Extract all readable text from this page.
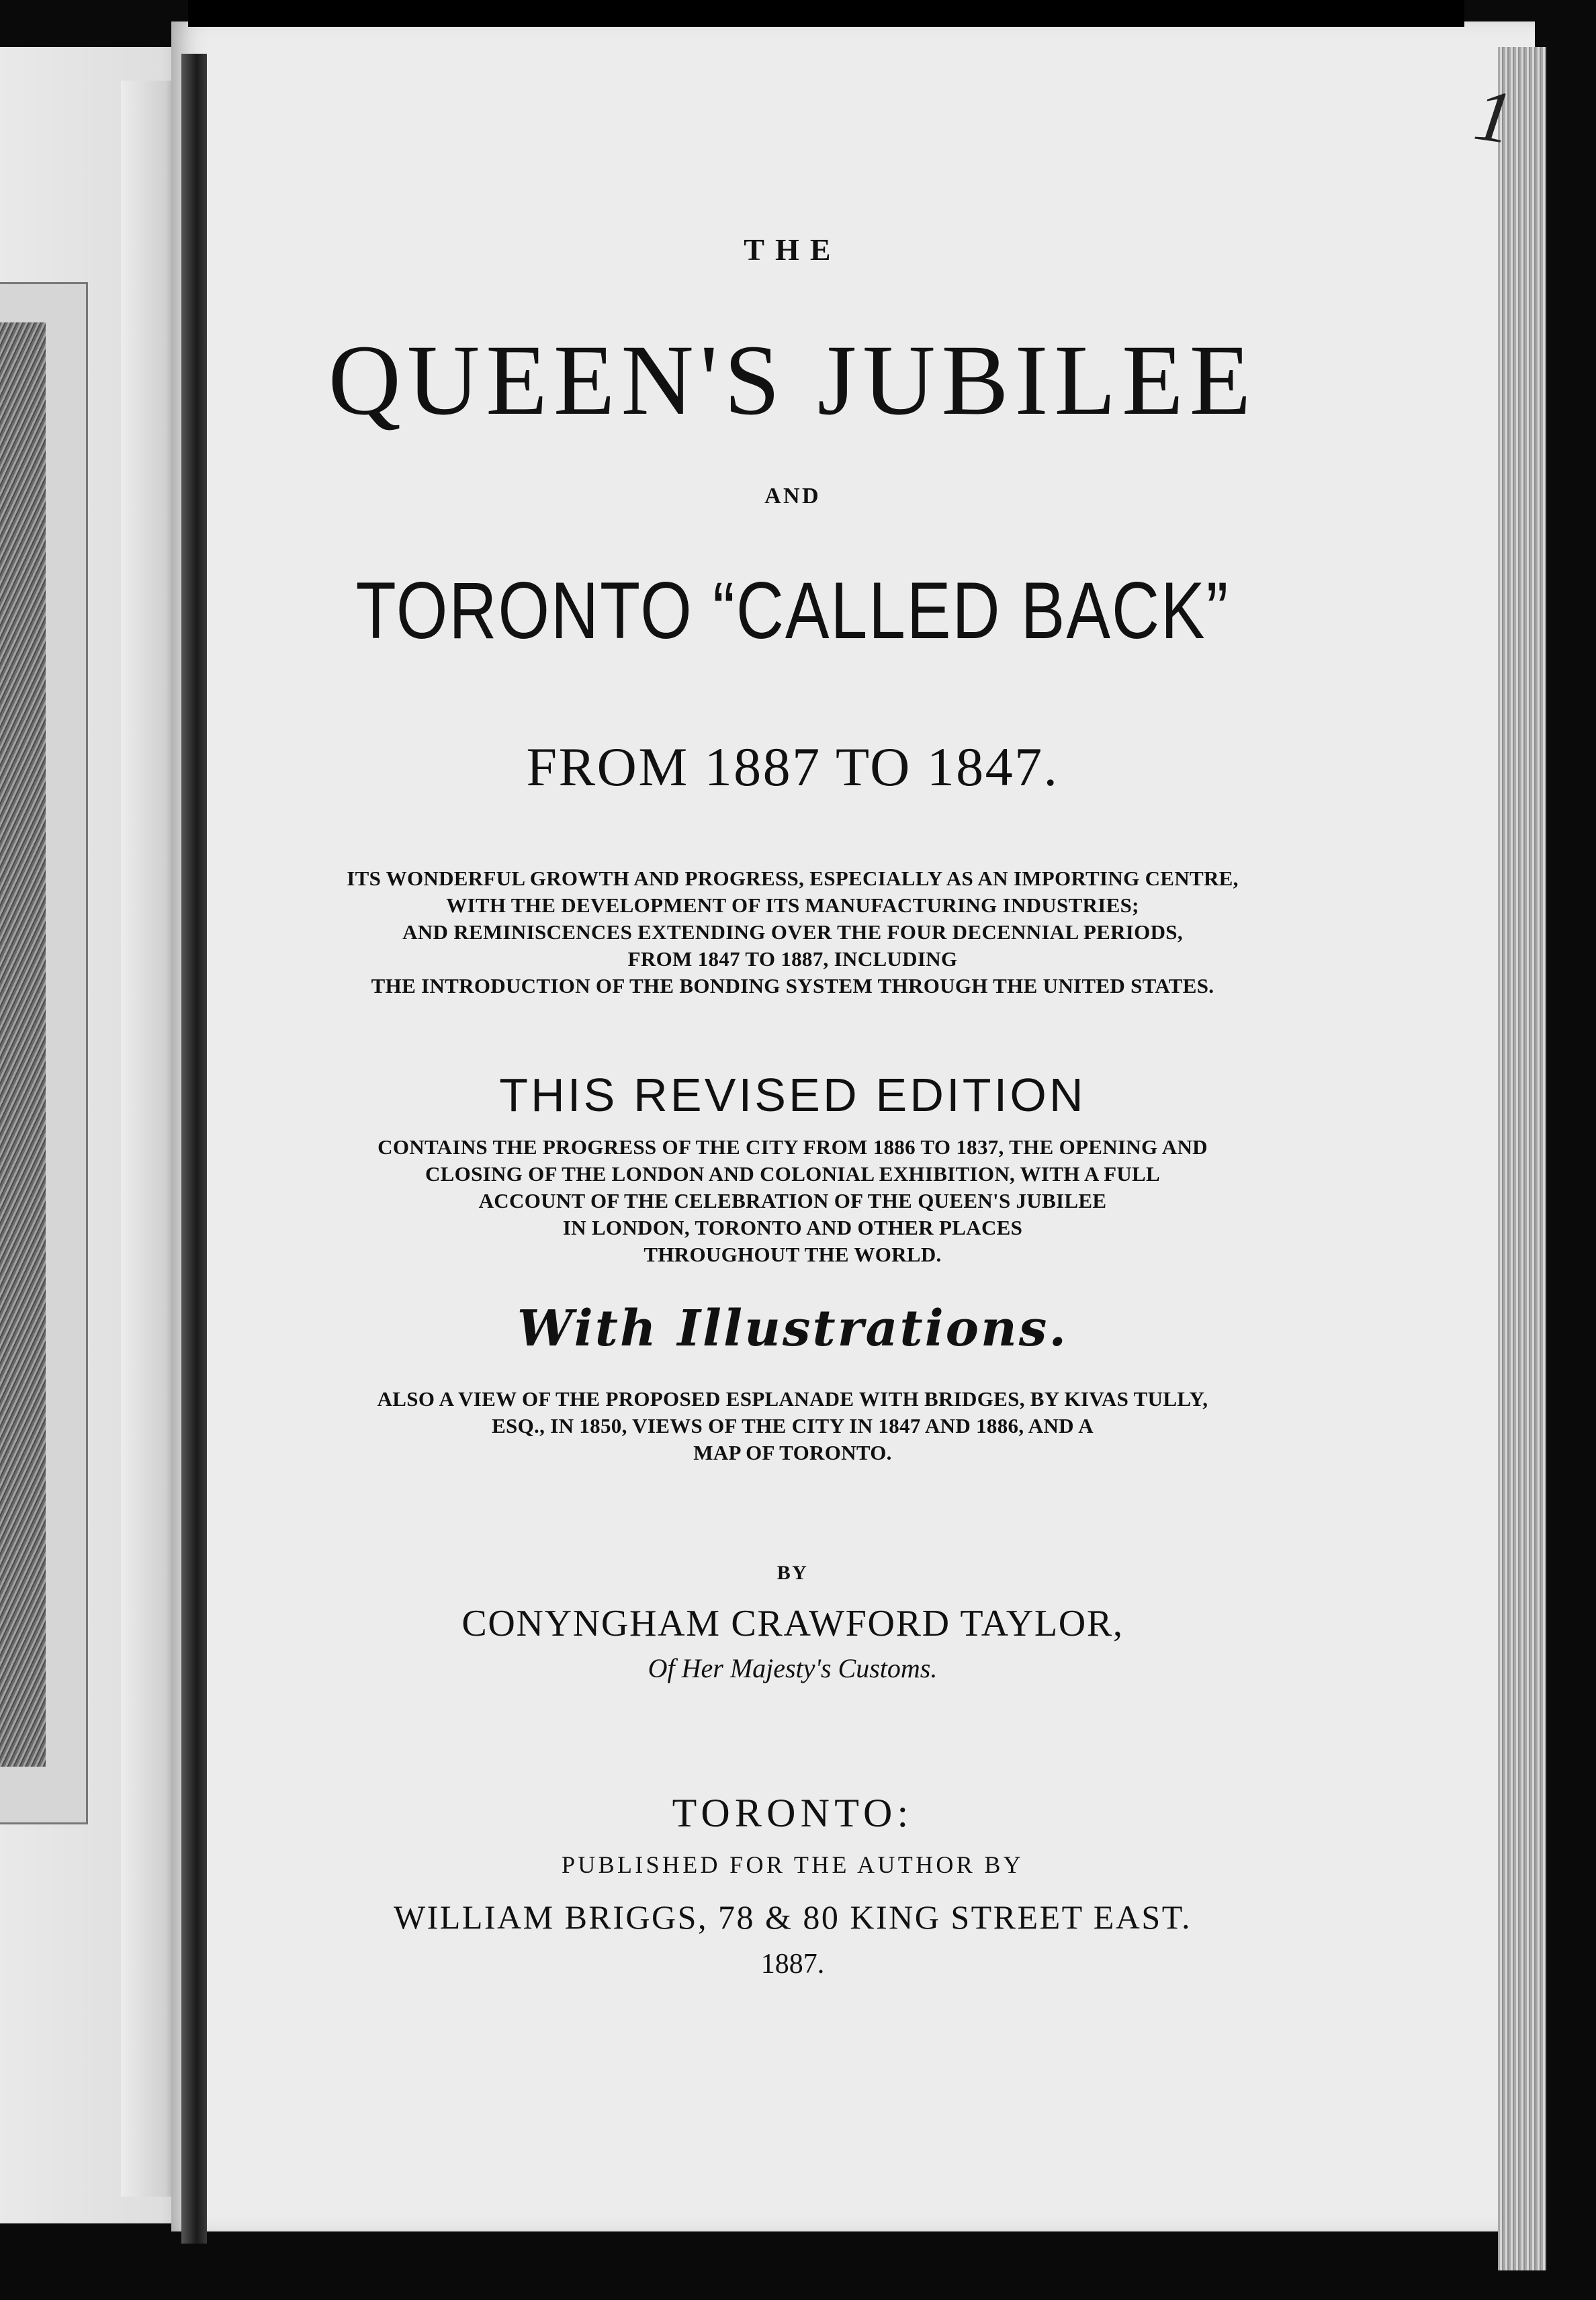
1

THE

QUEEN'S JUBILEE

AND

TORONTO “CALLED BACK”

FROM 1887 TO 1847.

ITS WONDERFUL GROWTH AND PROGRESS, ESPECIALLY AS AN IMPORTING CENTRE,

WITH THE DEVELOPMENT OF ITS MANUFACTURING INDUSTRIES;

AND REMINISCENCES EXTENDING OVER THE FOUR DECENNIAL PERIODS,

FROM 1847 TO 1887, INCLUDING

THE INTRODUCTION OF THE BONDING SYSTEM THROUGH THE UNITED STATES.

THIS REVISED EDITION

CONTAINS THE PROGRESS OF THE CITY FROM 1886 TO 1837, THE OPENING AND

CLOSING OF THE LONDON AND COLONIAL EXHIBITION, WITH A FULL

ACCOUNT OF THE CELEBRATION OF THE QUEEN'S JUBILEE

IN LONDON, TORONTO AND OTHER PLACES

THROUGHOUT THE WORLD.

With Illustrations.

ALSO A VIEW OF THE PROPOSED ESPLANADE WITH BRIDGES, BY KIVAS TULLY,

ESQ., IN 1850, VIEWS OF THE CITY IN 1847 AND 1886, AND A

MAP OF TORONTO.

BY

CONYNGHAM CRAWFORD TAYLOR,

Of Her Majesty's Customs.

TORONTO:

PUBLISHED FOR THE AUTHOR BY

WILLIAM BRIGGS, 78 & 80 KING STREET EAST.

1887.
